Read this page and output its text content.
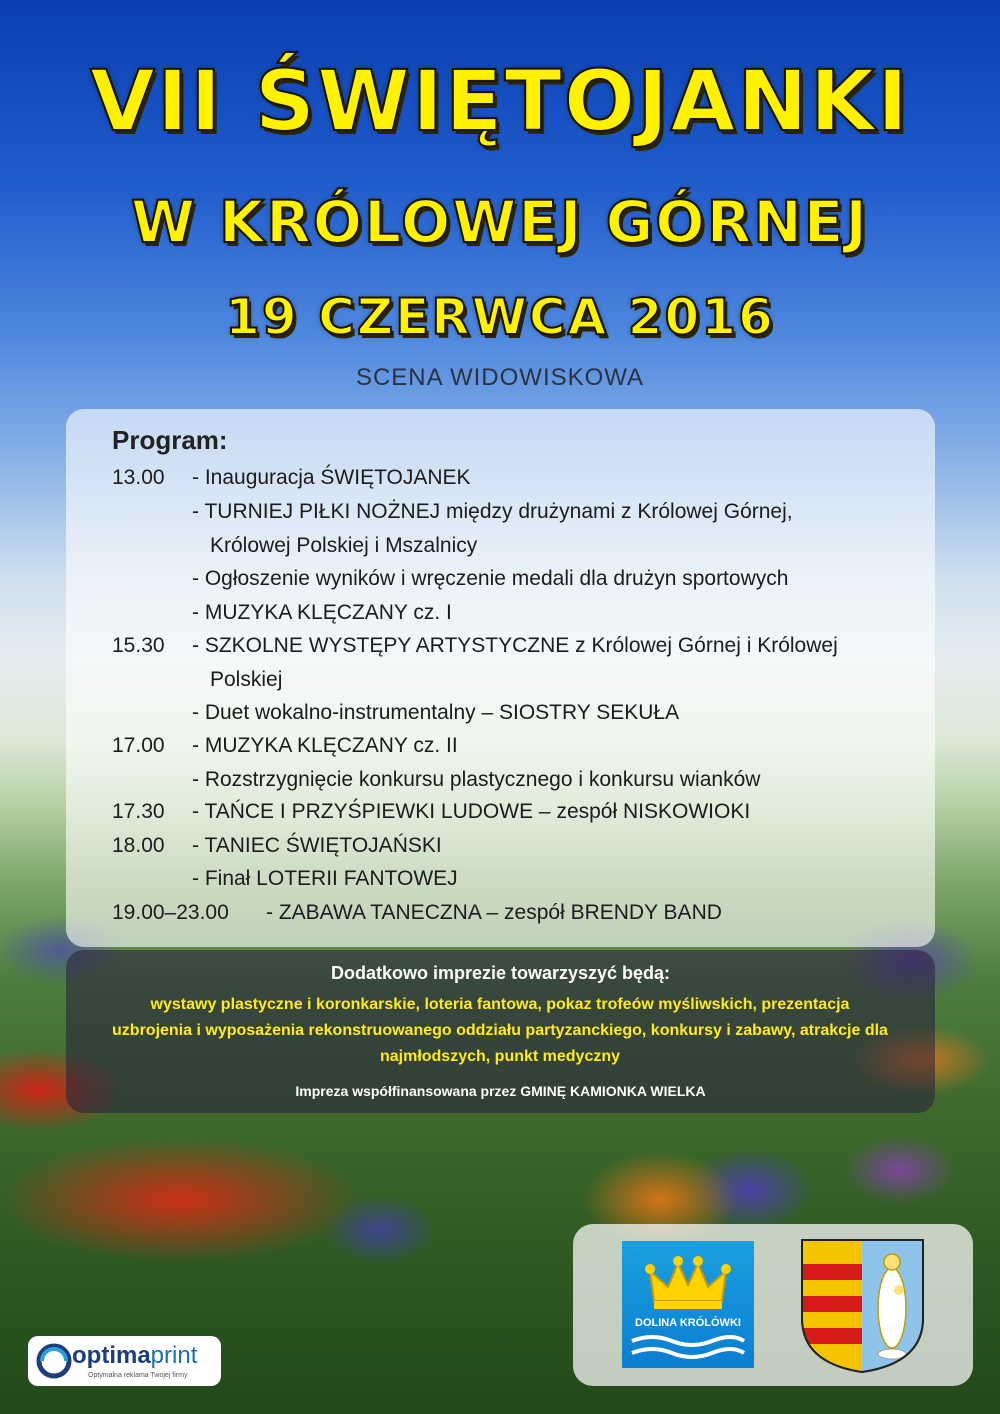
VII ŚWIĘTOJANKI
W KRÓLOWEJ GÓRNEJ
19 CZERWCA 2016
SCENA WIDOWISKOWA
Program:
13.00 - Inauguracja ŚWIĘTOJANEK
- TURNIEJ PIŁKI NOŻNEJ między drużynami z Królowej Górnej,
Królowej Polskiej i Mszalnicy
- Ogłoszenie wyników i wręczenie medali dla drużyn sportowych
- MUZYKA KLĘCZANY cz. I
15.30 - SZKOLNE WYSTĘPY ARTYSTYCZNE z Królowej Górnej i Królowej
Polskiej
- Duet wokalno-instrumentalny – SIOSTRY SEKUŁA
17.00 - MUZYKA KLĘCZANY cz. II
- Rozstrzygnięcie konkursu plastycznego i konkursu wianków
17.30 - TAŃCE I PRZYŚPIEWKI LUDOWE – zespół NISKOWIOKI
18.00 - TANIEC ŚWIĘTOJAŃSKI
- Finał LOTERII FANTOWEJ
19.00–23.00 - ZABAWA TANECZNA – zespół BRENDY BAND
Dodatkowo imprezie towarzyszyć będą:
wystawy plastyczne i koronkarskie, loteria fantowa, pokaz trofeów myśliwskich, prezentacja uzbrojenia i wyposażenia rekonstruowanego oddziału partyzanckiego, konkursy i zabawy, atrakcje dla najmłodszych, punkt medyczny
Impreza współfinansowana przez GMINĘ KAMIONKA WIELKA
DOLINA KRÓLÓWKI
optimaprint
Optymalna reklama Twojej firmy
